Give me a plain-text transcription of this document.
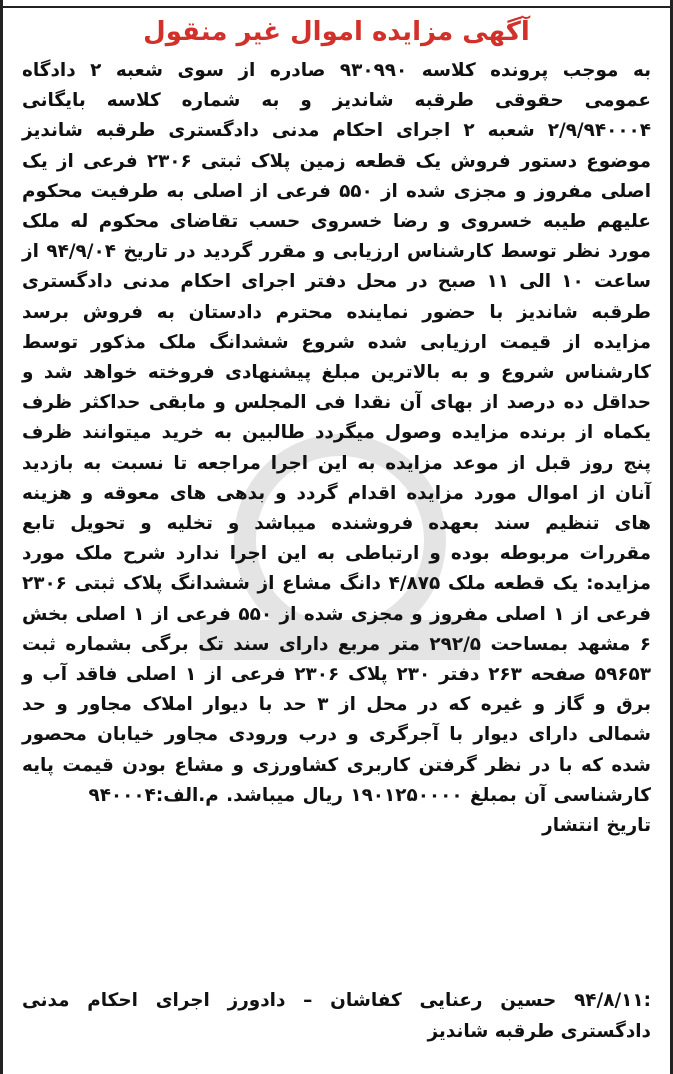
آگهی مزایده اموال غیر منقول

به موجب پرونده کلاسه ۹۳۰۹۹۰ صادره از سوی شعبه ۲ دادگاه عمومی حقوقی طرقبه شاندیز و به شماره کلاسه بایگانی ۲/۹/۹۴۰۰۰۴ شعبه ۲ اجرای احکام مدنی دادگستری طرقبه شاندیز موضوع دستور فروش یک قطعه زمین پلاک ثبتی ۲۳۰۶ فرعی از یک اصلی مفروز و مجزی شده از ۵۵۰ فرعی از اصلی به طرفیت محکوم علیهم طیبه خسروی و رضا خسروی حسب تقاضای محکوم له ملک مورد نظر توسط کارشناس ارزیابی و مقرر گردید در تاریخ ۹۴/۹/۰۴ از ساعت ۱۰ الی ۱۱ صبح در محل دفتر اجرای احکام مدنی دادگستری طرقبه شاندیز با حضور نماینده محترم دادستان به فروش برسد مزایده از قیمت ارزیابی شده شروع ششدانگ ملک مذکور توسط کارشناس شروع و به بالاترین مبلغ پیشنهادی فروخته خواهد شد و حداقل ده درصد از بهای آن نقدا فی المجلس و مابقی حداکثر ظرف یکماه از برنده مزایده وصول میگردد طالبین به خرید میتوانند ظرف پنج روز قبل از موعد مزایده به این اجرا مراجعه تا نسبت به بازدید آنان از اموال مورد مزایده اقدام گردد و بدهی های معوقه و هزینه های تنظیم سند بعهده فروشنده میباشد و تخلیه و تحویل تابع مقررات مربوطه بوده و ارتباطی به این اجرا ندارد شرح ملک مورد مزایده: یک قطعه ملک ۴/۸۷۵ دانگ مشاع از ششدانگ پلاک ثبتی ۲۳۰۶ فرعی از ۱ اصلی مفروز و مجزی شده از ۵۵۰ فرعی از ۱ اصلی بخش ۶ مشهد بمساحت ۲۹۲/۵ متر مربع دارای سند تک برگی بشماره ثبت ۵۹۶۵۳ صفحه ۲۶۳ دفتر ۲۳۰ پلاک ۲۳۰۶ فرعی از ۱ اصلی فاقد آب و برق و گاز و غیره که در محل از ۳ حد با دیوار املاک مجاور و حد شمالی دارای دیوار با آجرگری و درب ورودی مجاور خیابان محصور شده که با در نظر گرفتن کاربری کشاورزی و مشاع بودن قیمت پایه کارشناسی آن بمبلغ ۱۹۰۱۲۵۰۰۰۰ ریال میباشد. م.الف:۹۴۰۰۰۴

تاریخ انتشار

:۹۴/۸/۱۱ حسین رعنایی کفاشان – دادورز اجرای احکام مدنی دادگستری طرقبه شاندیز
